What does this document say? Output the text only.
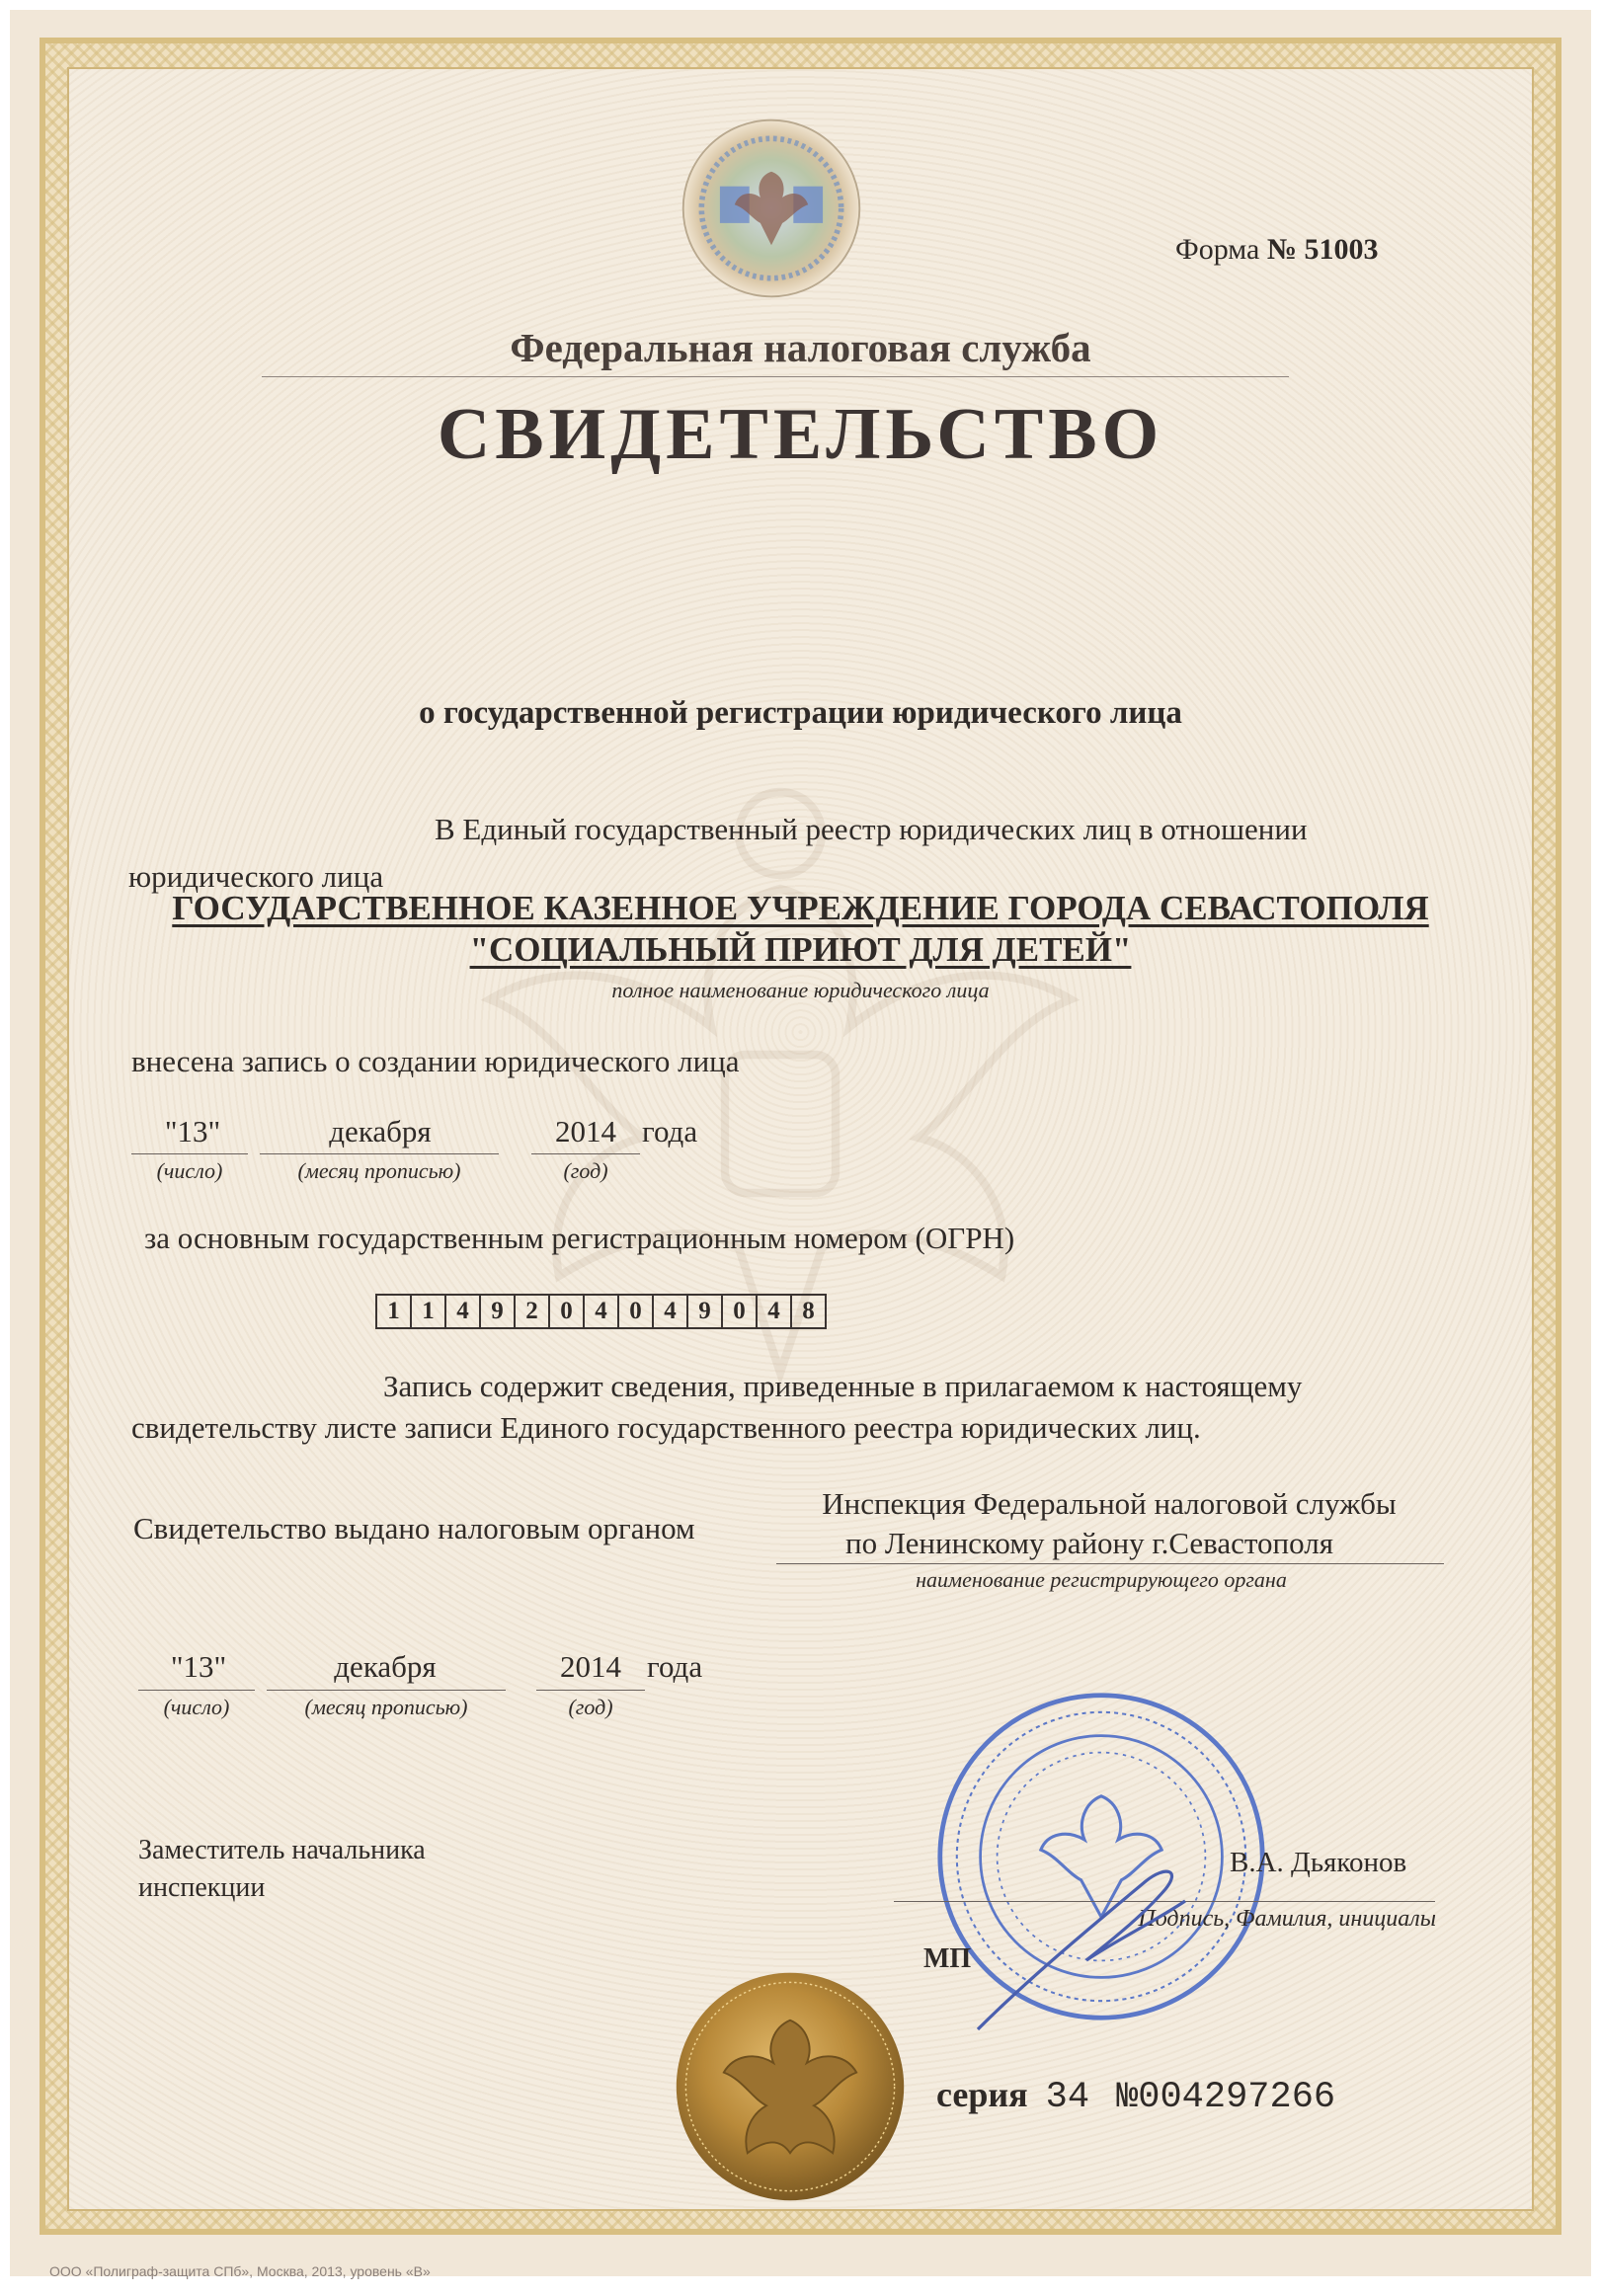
Форма № 51003
Федеральная налоговая служба
СВИДЕТЕЛЬСТВО
о государственной регистрации юридического лица
В Единый государственный реестр юридических лиц в отношении
юридического лица
ГОСУДАРСТВЕННОЕ КАЗЕННОЕ УЧРЕЖДЕНИЕ ГОРОДА СЕВАСТОПОЛЯ
"СОЦИАЛЬНЫЙ ПРИЮТ ДЛЯ ДЕТЕЙ"
полное наименование юридического лица
внесена запись о создании юридического лица
"13"
(число)
декабря
(месяц прописью)
2014
(год)
года
за основным государственным регистрационным номером (ОГРН)
1 1 4 9 2 0 4 0 4 9 0 4 8
Запись содержит сведения, приведенные в прилагаемом к настоящему
свидетельству листе записи Единого государственного реестра юридических лиц.
Свидетельство выдано налоговым органом
Инспекция Федеральной налоговой службы
по Ленинскому району г.Севастополя
наименование регистрирующего органа
"13"
(число)
декабря
(месяц прописью)
2014
(год)
года
Заместитель начальника
инспекции
В.А. Дьяконов
Подпись, Фамилия, инициалы
МП
серия 34 №004297266
ООО «Полиграф-защита СПб», Москва, 2013, уровень «В»
